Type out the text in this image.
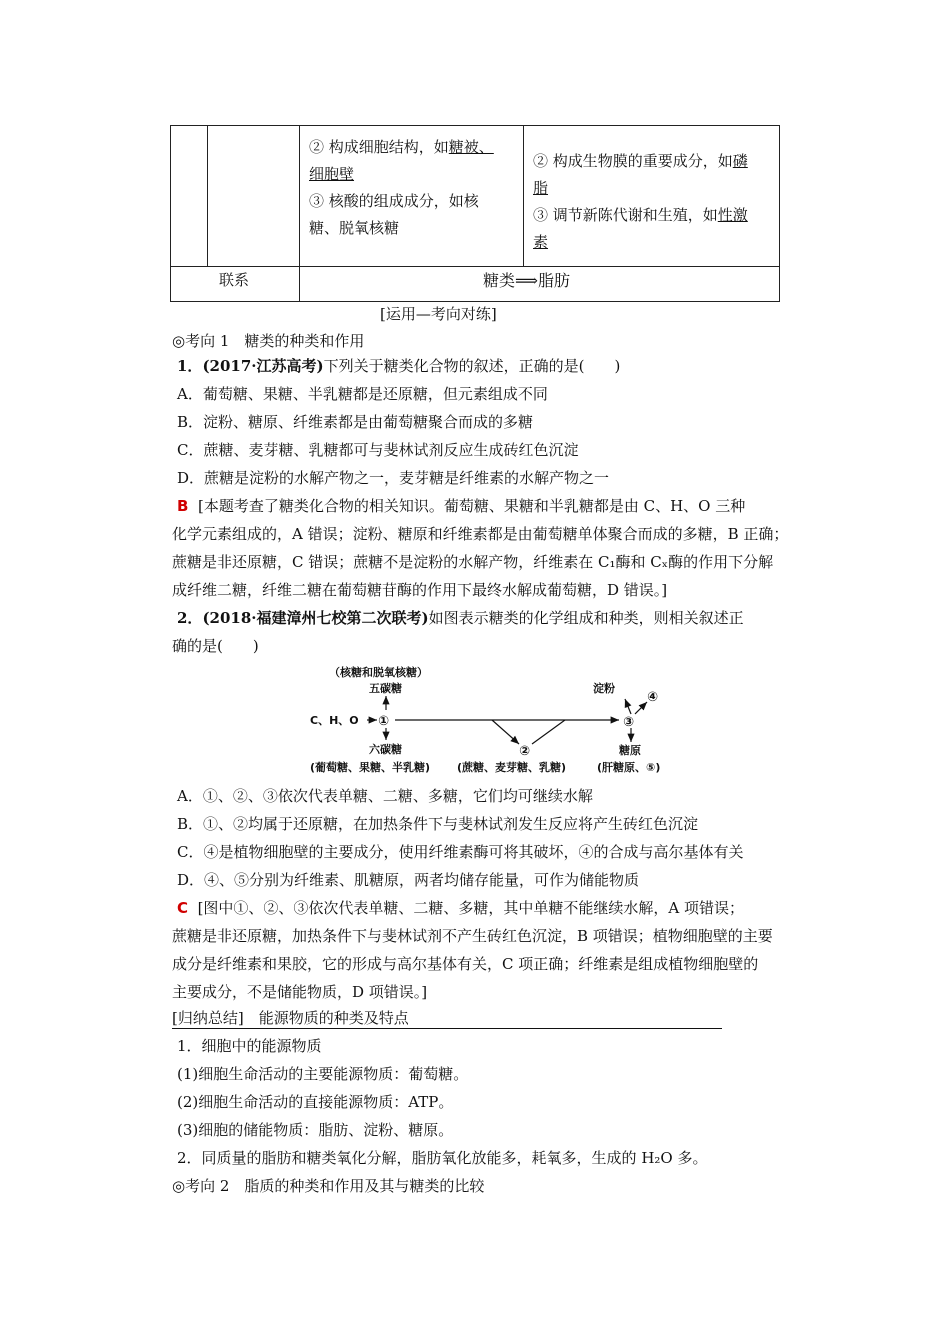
② 构成细胞结构，如糖被、
细胞壁
③ 核酸的组成成分，如核
糖、脱氧核糖
② 构成生物膜的重要成分，如磷
脂
③ 调节新陈代谢和生殖，如性激
素
联系	糖类⟹脂肪
[运用—考向对练]
◎考向 1　糖类的种类和作用
1．(2017·江苏高考)下列关于糖类化合物的叙述，正确的是(　　)
A．葡萄糖、果糖、半乳糖都是还原糖，但元素组成不同
B．淀粉、糖原、纤维素都是由葡萄糖聚合而成的多糖
C．蔗糖、麦芽糖、乳糖都可与斐林试剂反应生成砖红色沉淀
D．蔗糖是淀粉的水解产物之一，麦芽糖是纤维素的水解产物之一
B [本题考查了糖类化合物的相关知识。葡萄糖、果糖和半乳糖都是由 C、H、O 三种
化学元素组成的，A 错误；淀粉、糖原和纤维素都是由葡萄糖单体聚合而成的多糖，B 正确；
蔗糖是非还原糖，C 错误；蔗糖不是淀粉的水解产物，纤维素在 C₁酶和 Cₓ酶的作用下分解
成纤维二糖，纤维二糖在葡萄糖苷酶的作用下最终水解成葡萄糖，D 错误。]
2．(2018·福建漳州七校第二次联考)如图表示糖类的化学组成和种类，则相关叙述正
确的是(　　)
（核糖和脱氧核糖）
五碳糖
C、H、O ①
六碳糖
(葡萄糖、果糖、半乳糖)
②
(蔗糖、麦芽糖、乳糖)
淀粉
③
④
糖原
(肝糖原、⑤)
A．①、②、③依次代表单糖、二糖、多糖，它们均可继续水解
B．①、②均属于还原糖，在加热条件下与斐林试剂发生反应将产生砖红色沉淀
C．④是植物细胞壁的主要成分，使用纤维素酶可将其破坏，④的合成与高尔基体有关
D．④、⑤分别为纤维素、肌糖原，两者均储存能量，可作为储能物质
C [图中①、②、③依次代表单糖、二糖、多糖，其中单糖不能继续水解，A 项错误；
蔗糖是非还原糖，加热条件下与斐林试剂不产生砖红色沉淀，B 项错误；植物细胞壁的主要
成分是纤维素和果胶，它的形成与高尔基体有关，C 项正确；纤维素是组成植物细胞壁的
主要成分，不是储能物质，D 项错误。]
[归纳总结]　能源物质的种类及特点
1．细胞中的能源物质
(1)细胞生命活动的主要能源物质：葡萄糖。
(2)细胞生命活动的直接能源物质：ATP。
(3)细胞的储能物质：脂肪、淀粉、糖原。
2．同质量的脂肪和糖类氧化分解，脂肪氧化放能多，耗氧多，生成的 H₂O 多。
◎考向 2　脂质的种类和作用及其与糖类的比较
